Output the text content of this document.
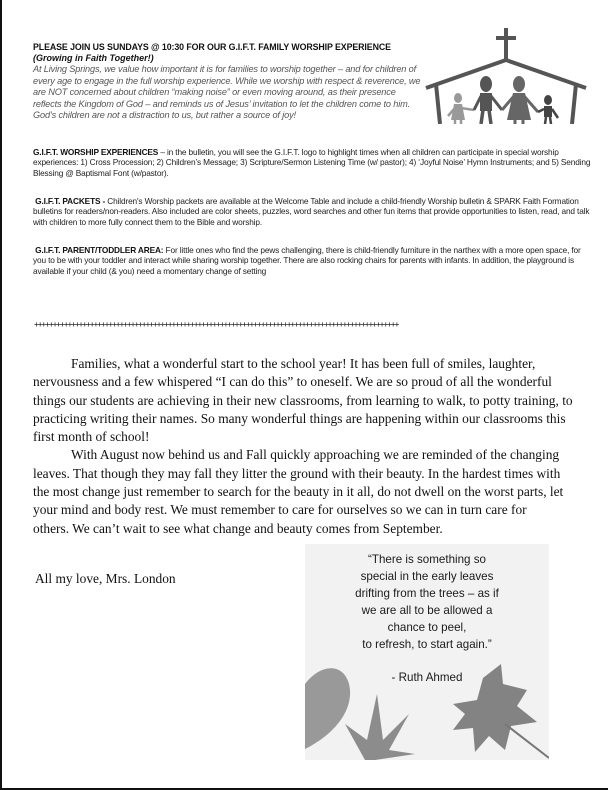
PLEASE JOIN US SUNDAYS @ 10:30 FOR OUR G.I.F.T. FAMILY WORSHIP EXPERIENCE
(Growing in Faith Together!)
At Living Springs, we value how important it is for families to worship together – and for children of every age to engage in the full worship experience. While we worship with respect & reverence, we are NOT concerned about children “making noise” or even moving around, as their presence reflects the Kingdom of God – and reminds us of Jesus’ invitation to let the children come to him. God’s children are not a distraction to us, but rather a source of joy!
G.I.F.T. WORSHIP EXPERIENCES – in the bulletin, you will see the G.I.F.T. logo to highlight times when all children can participate in special worship experiences: 1) Cross Procession; 2) Children’s Message; 3) Scripture/Sermon Listening Time (w/ pastor); 4) ‘Joyful Noise’ Hymn Instruments; and 5) Sending Blessing @ Baptismal Font (w/pastor).
G.I.F.T. PACKETS - Children's Worship packets are available at the Welcome Table and include a child-friendly Worship bulletin & SPARK Faith Formation bulletins for readers/non-readers. Also included are color sheets, puzzles, word searches and other fun items that provide opportunities to listen, read, and talk with children to more fully connect them to the Bible and worship.
G.I.F.T. PARENT/TODDLER AREA: For little ones who find the pews challenging, there is child-friendly furniture in the narthex with a more open space, for you to be with your toddler and interact while sharing worship together. There are also rocking chairs for parents with infants. In addition, the playground is available if your child (& you) need a momentary change of setting
++++++++++++++++++++++++++++++++++++++++++++++++++++++++++++++++++++++++++++++++++++++++++++++++++

Families, what a wonderful start to the school year! It has been full of smiles, laughter, nervousness and a few whispered “I can do this” to oneself. We are so proud of all the wonderful things our students are achieving in their new classrooms, from learning to walk, to potty training, to practicing writing their names. So many wonderful things are happening within our classrooms this first month of school!

With August now behind us and Fall quickly approaching we are reminded of the changing leaves. That though they may fall they litter the ground with their beauty. In the hardest times with the most change just remember to search for the beauty in it all, do not dwell on the worst parts, let your mind and body rest. We must remember to care for ourselves so we can in turn care for others. We can’t wait to see what change and beauty comes from September.

All my love, Mrs. London
“There is something so
special in the early leaves
drifting from the trees – as if
we are all to be allowed a
chance to peel,
to refresh, to start again.”
- Ruth Ahmed
